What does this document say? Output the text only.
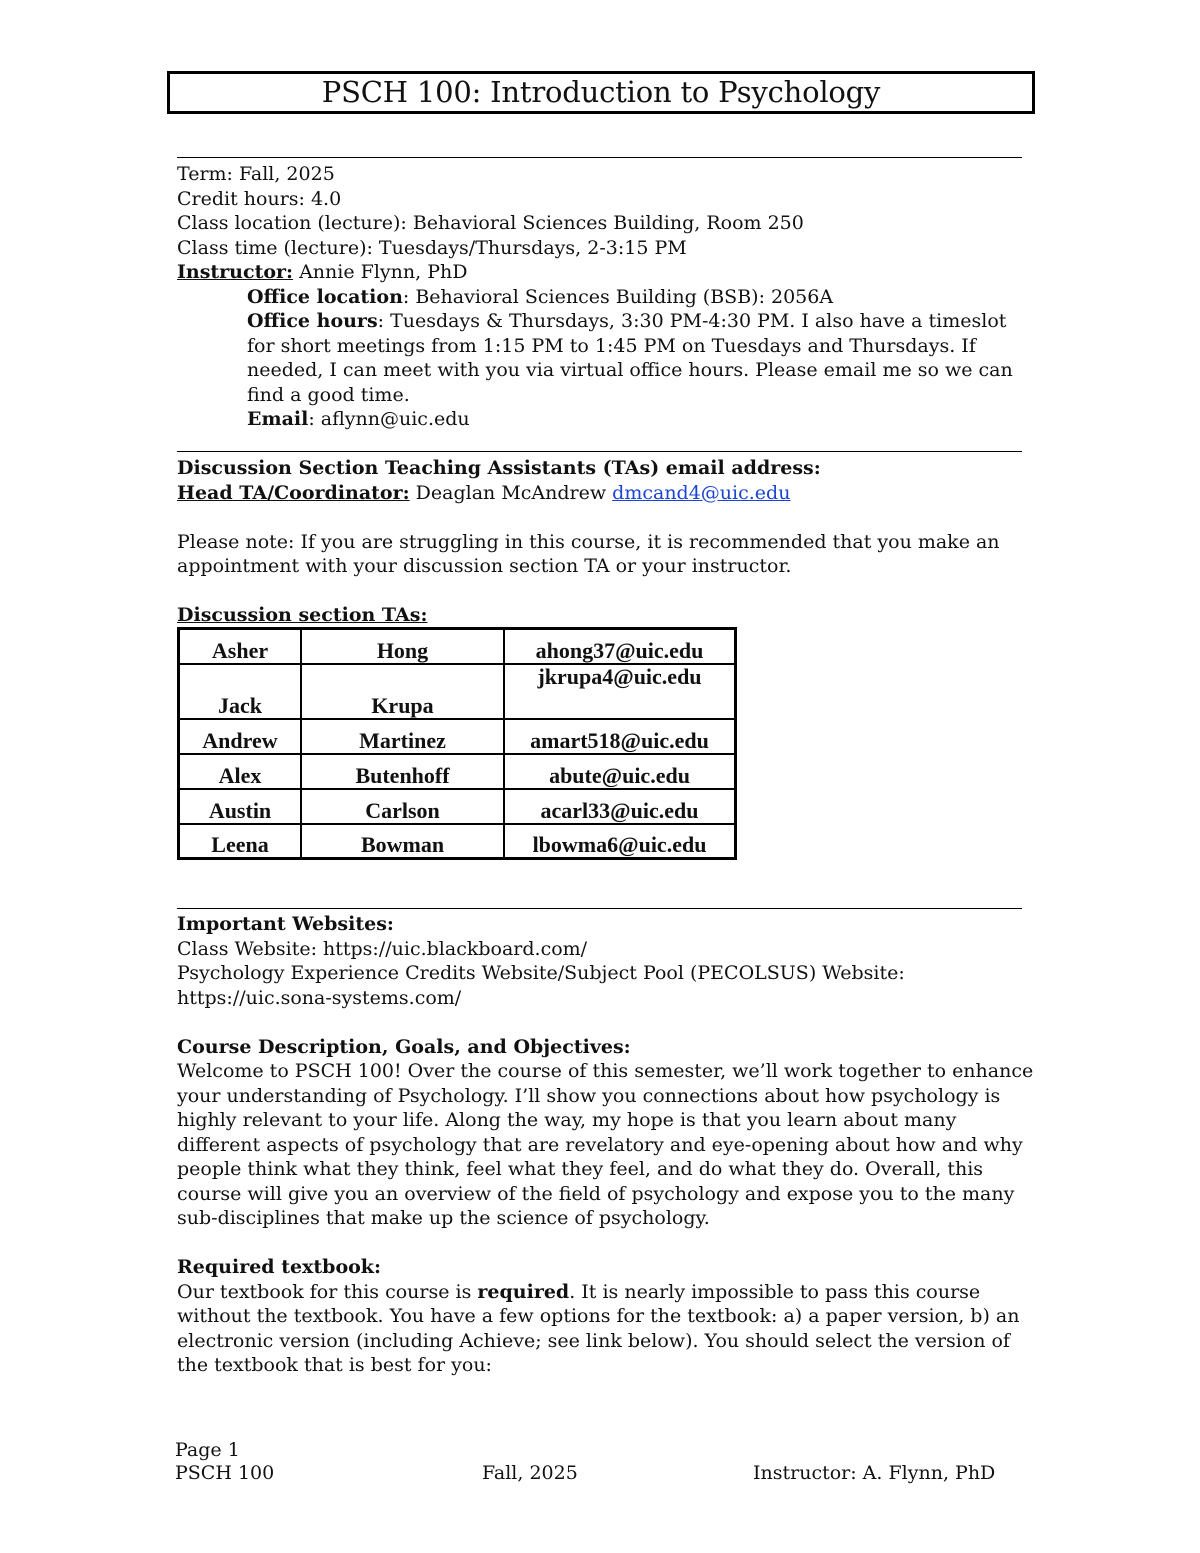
PSCH 100: Introduction to Psychology
Term: Fall, 2025
Credit hours: 4.0
Class location (lecture): Behavioral Sciences Building, Room 250
Class time (lecture): Tuesdays/Thursdays, 2-3:15 PM
Instructor: Annie Flynn, PhD
Office location: Behavioral Sciences Building (BSB): 2056A
Office hours: Tuesdays & Thursdays, 3:30 PM-4:30 PM. I also have a timeslot
for short meetings from 1:15 PM to 1:45 PM on Tuesdays and Thursdays. If
needed, I can meet with you via virtual office hours. Please email me so we can
find a good time.
Email: aflynn@uic.edu
Discussion Section Teaching Assistants (TAs) email address:
Head TA/Coordinator: Deaglan McAndrew dmcand4@uic.edu

Please note: If you are struggling in this course, it is recommended that you make an
appointment with your discussion section TA or your instructor.

Discussion section TAs:
Asher	Hong	ahong37@uic.edu
Jack	Krupa	jkrupa4@uic.edu
Andrew	Martinez	amart518@uic.edu
Alex	Butenhoff	abute@uic.edu
Austin	Carlson	acarl33@uic.edu
Leena	Bowman	lbowma6@uic.edu
Important Websites:
Class Website: https://uic.blackboard.com/
Psychology Experience Credits Website/Subject Pool (PECOLSUS) Website:
https://uic.sona-systems.com/

Course Description, Goals, and Objectives:
Welcome to PSCH 100! Over the course of this semester, we’ll work together to enhance
your understanding of Psychology. I’ll show you connections about how psychology is
highly relevant to your life. Along the way, my hope is that you learn about many
different aspects of psychology that are revelatory and eye-opening about how and why
people think what they think, feel what they feel, and do what they do. Overall, this
course will give you an overview of the field of psychology and expose you to the many
sub-disciplines that make up the science of psychology.

Required textbook:
Our textbook for this course is required. It is nearly impossible to pass this course
without the textbook. You have a few options for the textbook: a) a paper version, b) an
electronic version (including Achieve; see link below). You should select the version of
the textbook that is best for you:
Page 1
PSCH 100	Fall, 2025	Instructor: A. Flynn, PhD
